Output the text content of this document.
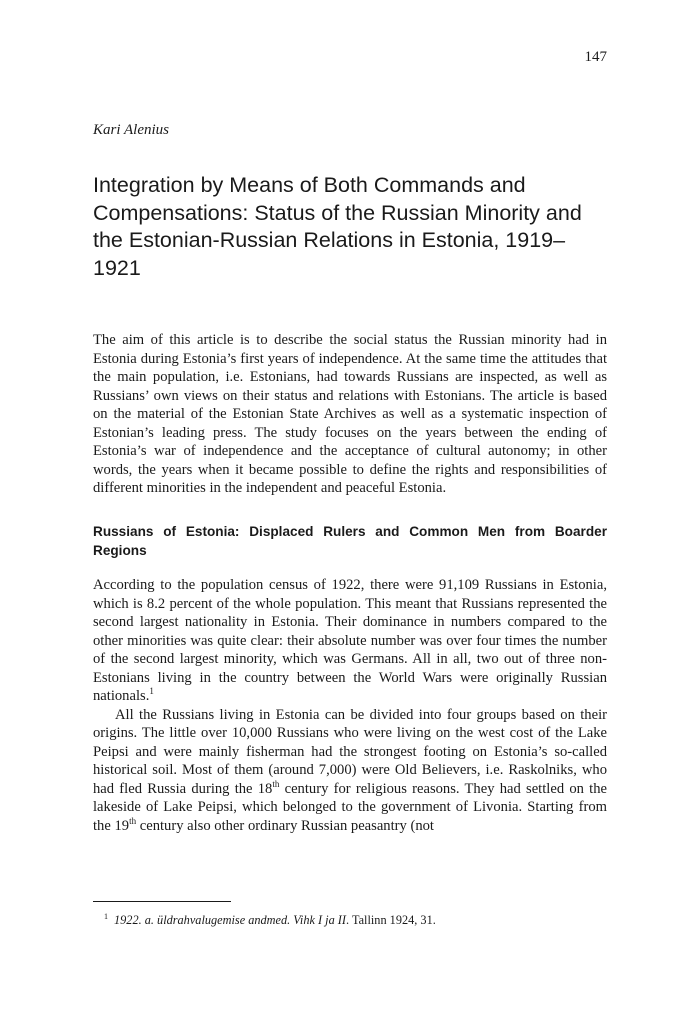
147
Kari Alenius
Integration by Means of Both Commands and Compensations: Status of the Russian Minority and the Estonian-Russian Relations in Estonia, 1919–1921

The aim of this article is to describe the social status the Russian minority had in Estonia during Estonia’s first years of independence. At the same time the attitudes that the main population, i.e. Estonians, had towards Russians are inspected, as well as Russians’ own views on their status and relations with Estonians. The article is based on the material of the Estonian State Archives as well as a systematic inspection of Estonian’s leading press. The study focuses on the years between the ending of Estonia’s war of independence and the acceptance of cultural autonomy; in other words, the years when it became possible to define the rights and responsibilities of different minorities in the independent and peaceful Estonia.

Russians of Estonia: Displaced Rulers and Common Men from Boarder Regions

According to the population census of 1922, there were 91,109 Russians in Estonia, which is 8.2 percent of the whole population. This meant that Russians represented the second largest nationality in Estonia. Their dominance in numbers compared to the other minorities was quite clear: their absolute number was over four times the number of the second largest minority, which was Germans. All in all, two out of three non-Estonians living in the country between the World Wars were originally Russian nationals.$^1$

All the Russians living in Estonia can be divided into four groups based on their origins. The little over 10,000 Russians who were living on the west cost of the Lake Peipsi and were mainly fisherman had the strongest footing on Estonia’s so-called historical soil. Most of them (around 7,000) were Old Believers, i.e. Raskolniks, who had fled Russia during the 18th century for religious reasons. They had settled on the lakeside of Lake Peipsi, which belonged to the government of Livonia. Starting from the 19th century also other ordinary Russian peasantry (not

$^1$ 1922. a. üldrahvalugemise andmed. Vihk I ja II. Tallinn 1924, 31.
